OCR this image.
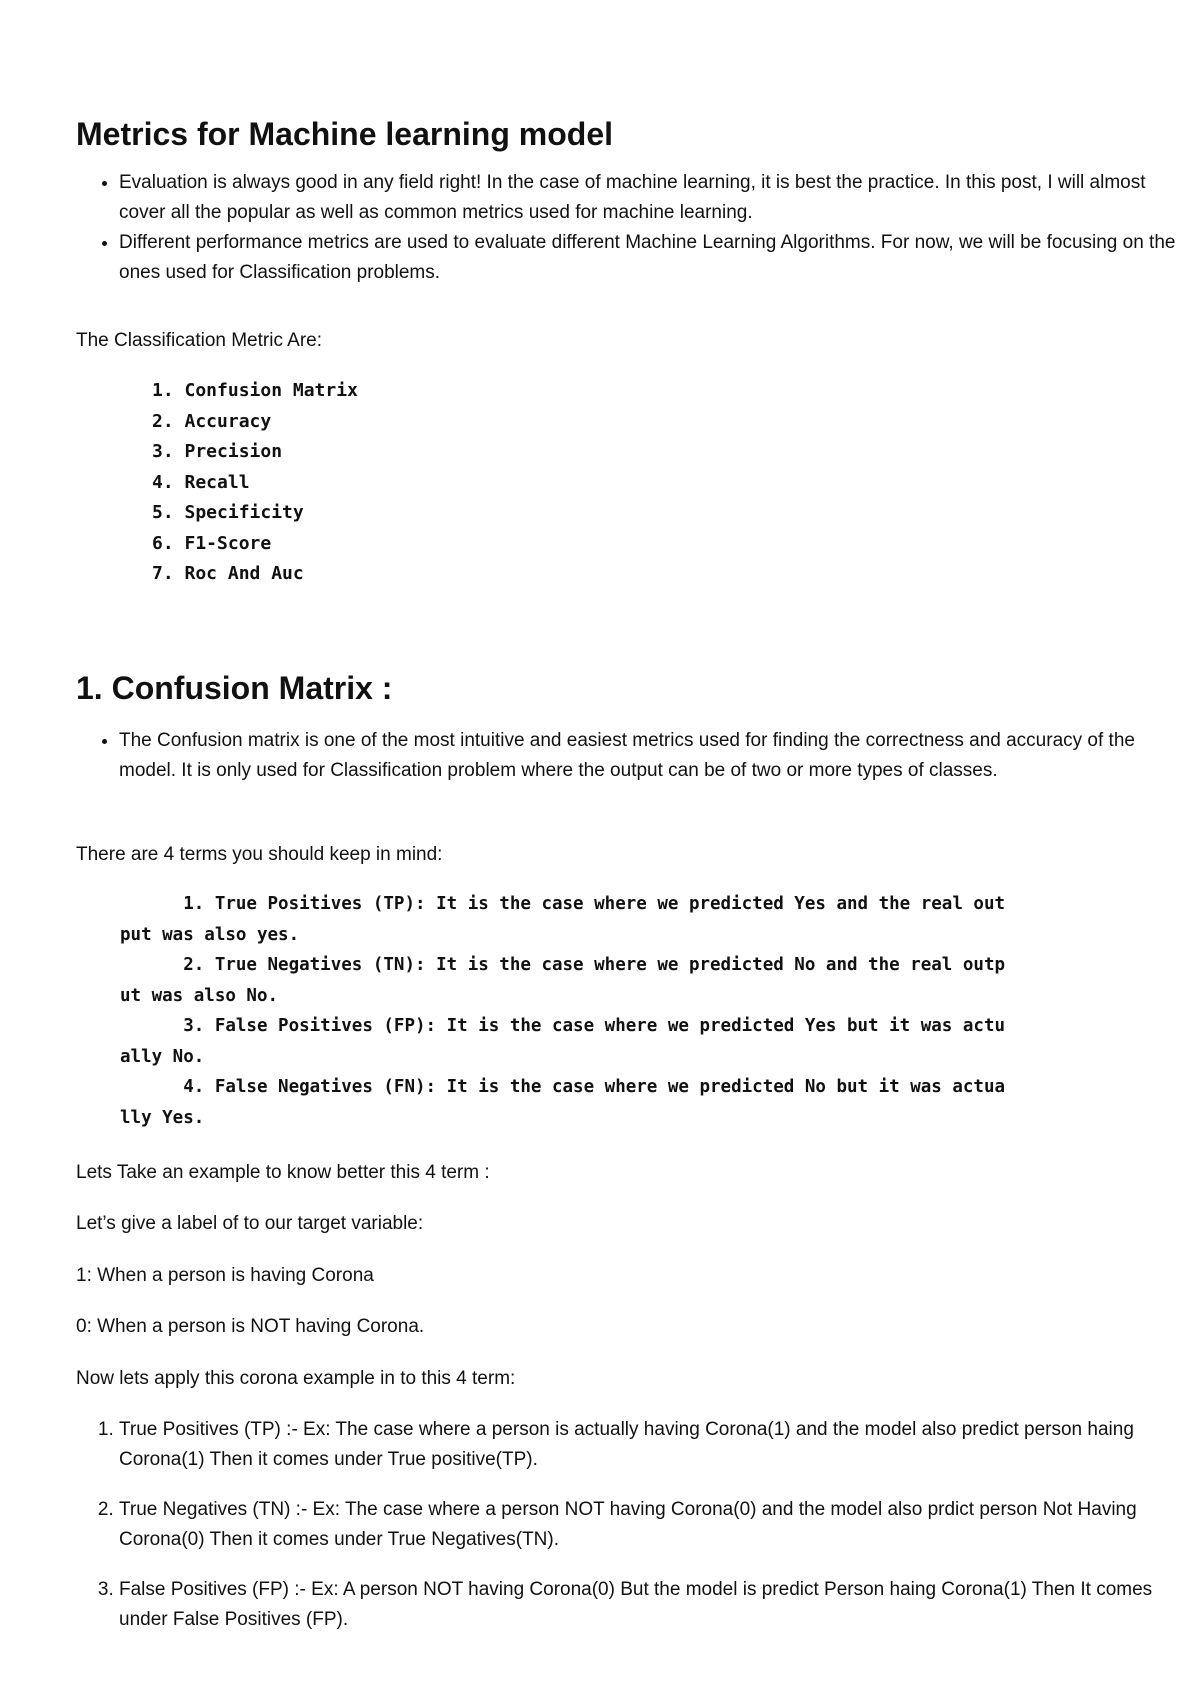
Metrics for Machine learning model
• Evaluation is always good in any field right! In the case of machine learning, it is best the practice. In this post, I will almost cover all the popular as well as common metrics used for machine learning.
• Different performance metrics are used to evaluate different Machine Learning Algorithms. For now, we will be focusing on the ones used for Classification problems.

The Classification Metric Are:

1. Confusion Matrix
2. Accuracy
3. Precision
4. Recall
5. Specificity
6. F1-Score
7. Roc And Auc
1. Confusion Matrix :
• The Confusion matrix is one of the most intuitive and easiest metrics used for finding the correctness and accuracy of the model. It is only used for Classification problem where the output can be of two or more types of classes.

There are 4 terms you should keep in mind:

1. True Positives (TP): It is the case where we predicted Yes and the real out
put was also yes.
2. True Negatives (TN): It is the case where we predicted No and the real outp
ut was also No.
3. False Positives (FP): It is the case where we predicted Yes but it was actu
ally No.
4. False Negatives (FN): It is the case where we predicted No but it was actua
lly Yes.

Lets Take an example to know better this 4 term :

Let’s give a label of to our target variable:

1: When a person is having Corona

0: When a person is NOT having Corona.

Now lets apply this corona example in to this 4 term:

1. True Positives (TP) :- Ex: The case where a person is actually having Corona(1) and the model also predict person haing Corona(1) Then it comes under True positive(TP).
2. True Negatives (TN) :- Ex: The case where a person NOT having Corona(0) and the model also prdict person Not Having Corona(0) Then it comes under True Negatives(TN).
3. False Positives (FP) :- Ex: A person NOT having Corona(0) But the model is predict Person haing Corona(1) Then It comes under False Positives (FP).
